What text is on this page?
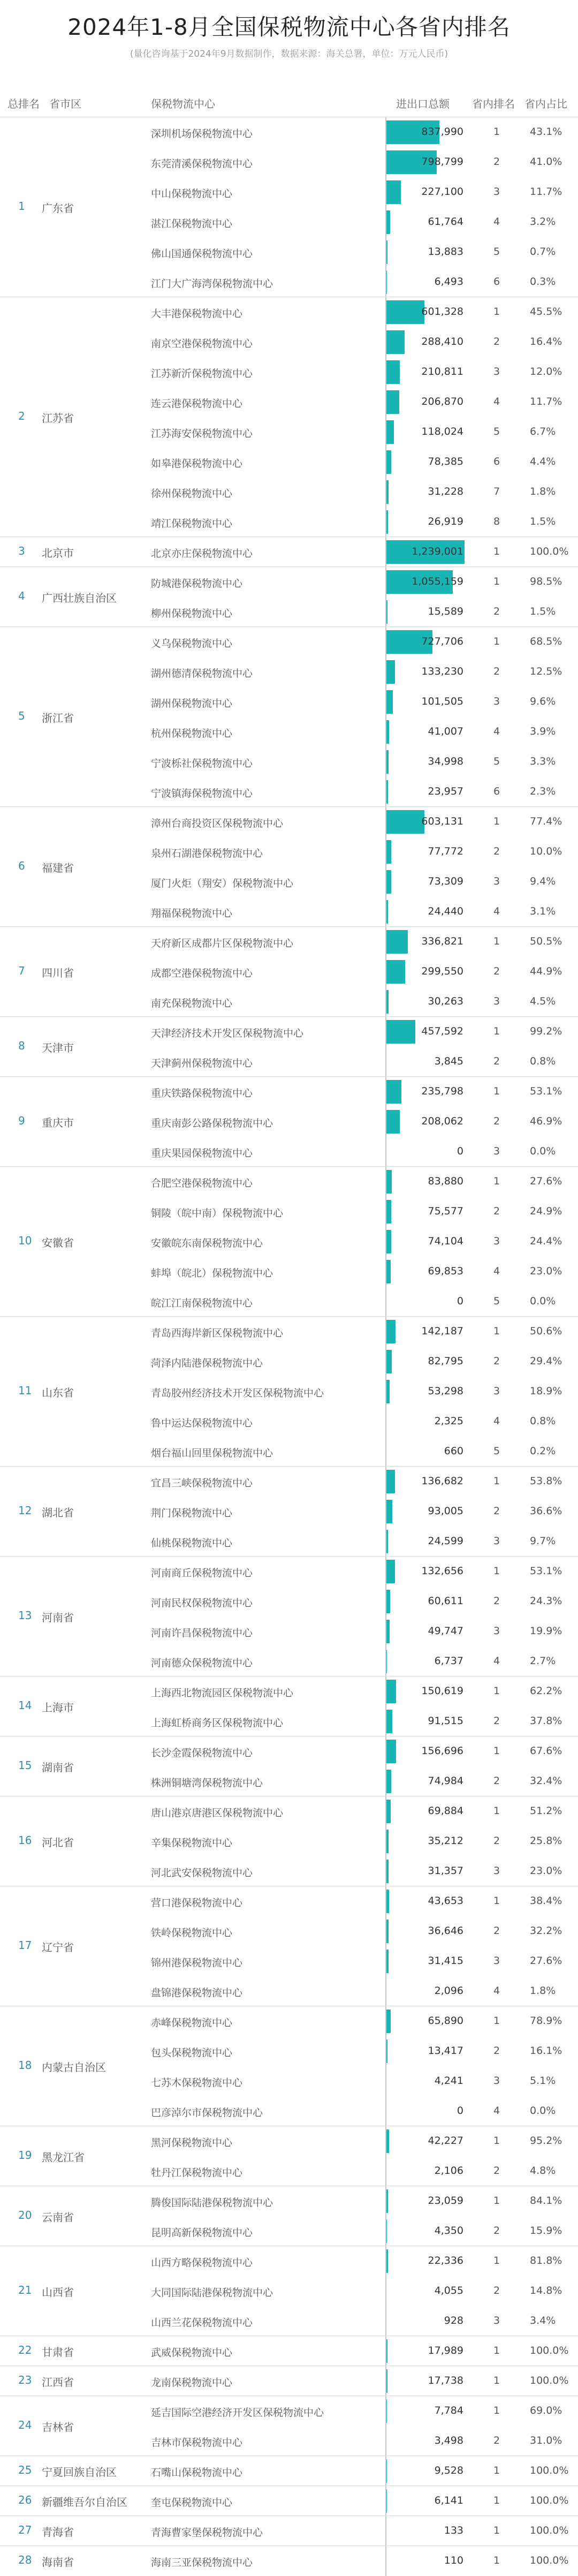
2024年1-8月全国保税物流中心各省内排名
(量化咨询基于2024年9月数据制作，数据来源：海关总署，单位：万元人民币)
总排名 省市区	保税物流中心	进出口总额 省内排名 省内占比
1 广东省
深圳机场保税物流中心	837,990	1	43.1%
东莞清溪保税物流中心	798,799	2	41.0%
中山保税物流中心	227,100	3	11.7%
湛江保税物流中心	61,764	4	3.2%
佛山国通保税物流中心	13,883	5	0.7%
江门大广海湾保税物流中心	6,493	6	0.3%
2 江苏省
大丰港保税物流中心	601,328	1	45.5%
南京空港保税物流中心	288,410	2	16.4%
江苏新沂保税物流中心	210,811	3	12.0%
连云港保税物流中心	206,870	4	11.7%
江苏海安保税物流中心	118,024	5	6.7%
如皋港保税物流中心	78,385	6	4.4%
徐州保税物流中心	31,228	7	1.8%
靖江保税物流中心	26,919	8	1.5%
3 北京市	北京亦庄保税物流中心	1,239,001	1	100.0%
4 广西壮族自治区
防城港保税物流中心	1,055,159	1	98.5%
柳州保税物流中心	15,589	2	1.5%
5 浙江省
义乌保税物流中心	727,706	1	68.5%
湖州德清保税物流中心	133,230	2	12.5%
湖州保税物流中心	101,505	3	9.6%
杭州保税物流中心	41,007	4	3.9%
宁波栎社保税物流中心	34,998	5	3.3%
宁波镇海保税物流中心	23,957	6	2.3%
6 福建省
漳州台商投资区保税物流中心	603,131	1	77.4%
泉州石湖港保税物流中心	77,772	2	10.0%
厦门火炬（翔安）保税物流中心	73,309	3	9.4%
翔福保税物流中心	24,440	4	3.1%
7 四川省
天府新区成都片区保税物流中心	336,821	1	50.5%
成都空港保税物流中心	299,550	2	44.9%
南充保税物流中心	30,263	3	4.5%
8 天津市
天津经济技术开发区保税物流中心	457,592	1	99.2%
天津蓟州保税物流中心	3,845	2	0.8%
9 重庆市
重庆铁路保税物流中心	235,798	1	53.1%
重庆南彭公路保税物流中心	208,062	2	46.9%
重庆果园保税物流中心	0	3	0.0%
10 安徽省
合肥空港保税物流中心	83,880	1	27.6%
铜陵（皖中南）保税物流中心	75,577	2	24.9%
安徽皖东南保税物流中心	74,104	3	24.4%
蚌埠（皖北）保税物流中心	69,853	4	23.0%
皖江江南保税物流中心	0	5	0.0%
11 山东省
青岛西海岸新区保税物流中心	142,187	1	50.6%
菏泽内陆港保税物流中心	82,795	2	29.4%
青岛胶州经济技术开发区保税物流中心	53,298	3	18.9%
鲁中运达保税物流中心	2,325	4	0.8%
烟台福山回里保税物流中心	660	5	0.2%
12 湖北省
宜昌三峡保税物流中心	136,682	1	53.8%
荆门保税物流中心	93,005	2	36.6%
仙桃保税物流中心	24,599	3	9.7%
13 河南省
河南商丘保税物流中心	132,656	1	53.1%
河南民权保税物流中心	60,611	2	24.3%
河南许昌保税物流中心	49,747	3	19.9%
河南德众保税物流中心	6,737	4	2.7%
14 上海市
上海西北物流园区保税物流中心	150,619	1	62.2%
上海虹桥商务区保税物流中心	91,515	2	37.8%
15 湖南省
长沙金霞保税物流中心	156,696	1	67.6%
株洲铜塘湾保税物流中心	74,984	2	32.4%
16 河北省
唐山港京唐港区保税物流中心	69,884	1	51.2%
辛集保税物流中心	35,212	2	25.8%
河北武安保税物流中心	31,357	3	23.0%
17 辽宁省
营口港保税物流中心	43,653	1	38.4%
铁岭保税物流中心	36,646	2	32.2%
锦州港保税物流中心	31,415	3	27.6%
盘锦港保税物流中心	2,096	4	1.8%
18 内蒙古自治区
赤峰保税物流中心	65,890	1	78.9%
包头保税物流中心	13,417	2	16.1%
七苏木保税物流中心	4,241	3	5.1%
巴彦淖尔市保税物流中心	0	4	0.0%
19 黑龙江省
黑河保税物流中心	42,227	1	95.2%
牡丹江保税物流中心	2,106	2	4.8%
20 云南省
腾俊国际陆港保税物流中心	23,059	1	84.1%
昆明高新保税物流中心	4,350	2	15.9%
21 山西省
山西方略保税物流中心	22,336	1	81.8%
大同国际陆港保税物流中心	4,055	2	14.8%
山西兰花保税物流中心	928	3	3.4%
22 甘肃省	武威保税物流中心	17,989	1	100.0%
23 江西省	龙南保税物流中心	17,738	1	100.0%
24 吉林省
延吉国际空港经济开发区保税物流中心	7,784	1	69.0%
吉林市保税物流中心	3,498	2	31.0%
25 宁夏回族自治区	石嘴山保税物流中心	9,528	1	100.0%
26 新疆维吾尔自治区 奎屯保税物流中心	6,141	1	100.0%
27 青海省	青海曹家堡保税物流中心	133	1	100.0%
28 海南省	海南三亚保税物流中心	110	1	100.0%
